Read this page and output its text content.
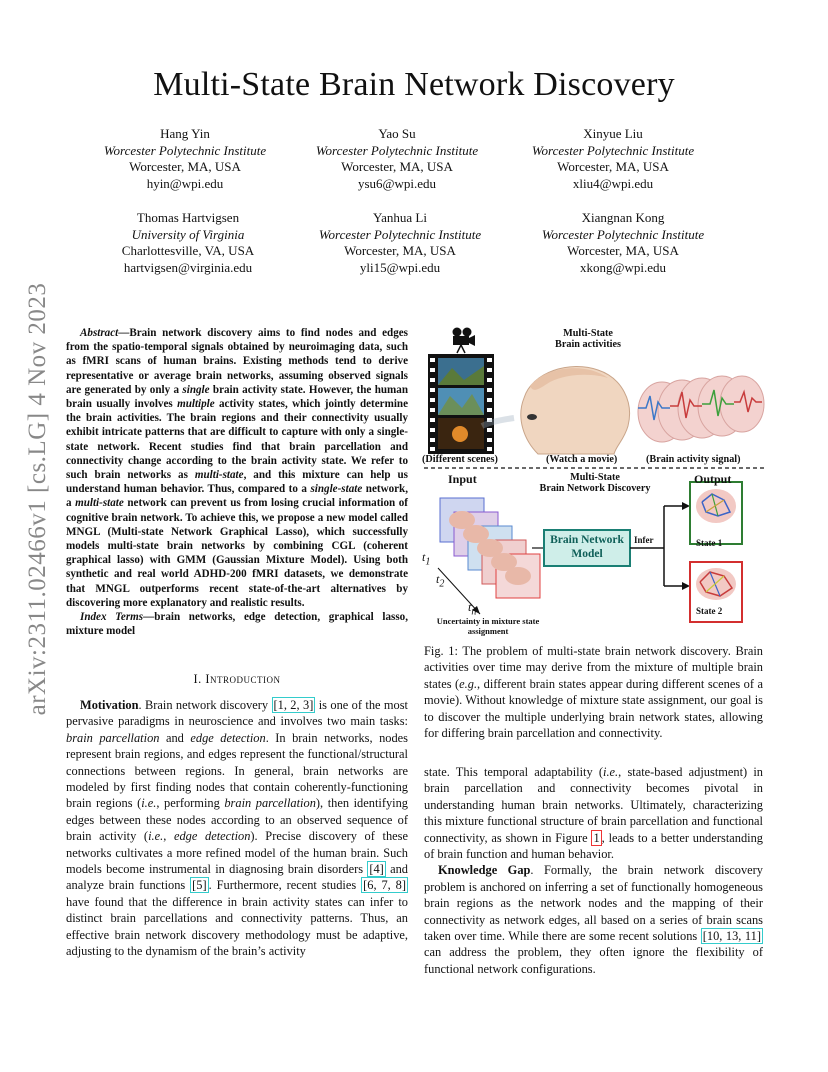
arXiv:2311.02466v1 [cs.LG] 4 Nov 2023
Multi-State Brain Network Discovery
Hang Yin
Worcester Polytechnic Institute
Worcester, MA, USA
hyin@wpi.edu
Yao Su
Worcester Polytechnic Institute
Worcester, MA, USA
ysu6@wpi.edu
Xinyue Liu
Worcester Polytechnic Institute
Worcester, MA, USA
xliu4@wpi.edu
Thomas Hartvigsen
University of Virginia
Charlottesville, VA, USA
hartvigsen@virginia.edu
Yanhua Li
Worcester Polytechnic Institute
Worcester, MA, USA
yli15@wpi.edu
Xiangnan Kong
Worcester Polytechnic Institute
Worcester, MA, USA
xkong@wpi.edu

Abstract—Brain network discovery aims to find nodes and edges from the spatio-temporal signals obtained by neuroimaging data, such as fMRI scans of human brains. Existing methods tend to derive representative or average brain networks, assuming observed signals are generated by only a single brain activity state. However, the human brain usually involves multiple activity states, which jointly determine the brain activities. The brain regions and their connectivity usually exhibit intricate patterns that are difficult to capture with only a single-state network. Recent studies find that brain parcellation and connectivity change according to the brain activity state. We refer to such brain networks as multi-state, and this mixture can help us understand human behavior. Thus, compared to a single-state network, a multi-state network can prevent us from losing crucial information of cognitive brain network. To achieve this, we propose a new model called MNGL (Multi-state Network Graphical Lasso), which successfully models multi-state brain networks by combining CGL (coherent graphical lasso) with GMM (Gaussian Mixture Model). Using both synthetic and real world ADHD-200 fMRI datasets, we demonstrate that MNGL outperforms recent state-of-the-art alternatives by discovering more explanatory and realistic results.

Index Terms—brain networks, edge detection, graphical lasso, mixture model

I. Introduction

Motivation. Brain network discovery [1, 2, 3] is one of the most pervasive paradigms in neuroscience and involves two main tasks: brain parcellation and edge detection. In brain networks, nodes represent brain regions, and edges represent the functional/structural connections between regions. In general, brain networks are modeled by first finding nodes that contain coherently-functioning brain regions (i.e., performing brain parcellation), then identifying edges between these nodes according to an observed sequence of brain activity (i.e., edge detection). Precise discovery of these networks cultivates a more refined model of the human brain. Such models become instrumental in diagnosing brain disorders [4] and analyze brain functions [5] . Furthermore, recent studies [6, 7, 8] have found that the difference in brain activity states can infer to distinct brain parcellations and connectivity patterns. Thus, an effective brain network discovery methodology must be adaptive, adjusting to the dynamism of the brain’s activity

Multi-State
Brain activities
(Different scenes)	(Watch a movie)	(Brain activity signal)
Input	Multi-State
Brain Network Discovery
Output
Brain Network
Model
Infer	State 1
State 2
$t_1$
$t_2$
$t_n$
Uncertainty in mixture state
assignment

Fig. 1: The problem of multi-state brain network discovery. Brain activities over time may derive from the mixture of multiple brain states (e.g., different brain states appear during different scenes of a movie). Without knowledge of mixture state assignment, our goal is to discover the multiple underlying brain network states, allowing for differing brain parcellation and connectivity.

state. This temporal adaptability (i.e., state-based adjustment) in brain parcellation and connectivity becomes pivotal in understanding human brain networks. Ultimately, characterizing this mixture functional structure of brain parcellation and functional connectivity, as shown in Figure 1 , leads to a better understanding of brain function and human behavior.

Knowledge Gap. Formally, the brain network discovery problem is anchored on inferring a set of functionally homogeneous brain regions as the network nodes and the mapping of their connectivity as network edges, all based on a series of brain scans taken over time. While there are some recent solutions [10, 13, 11] can address the problem, they often ignore the flexibility of functional network configurations.
